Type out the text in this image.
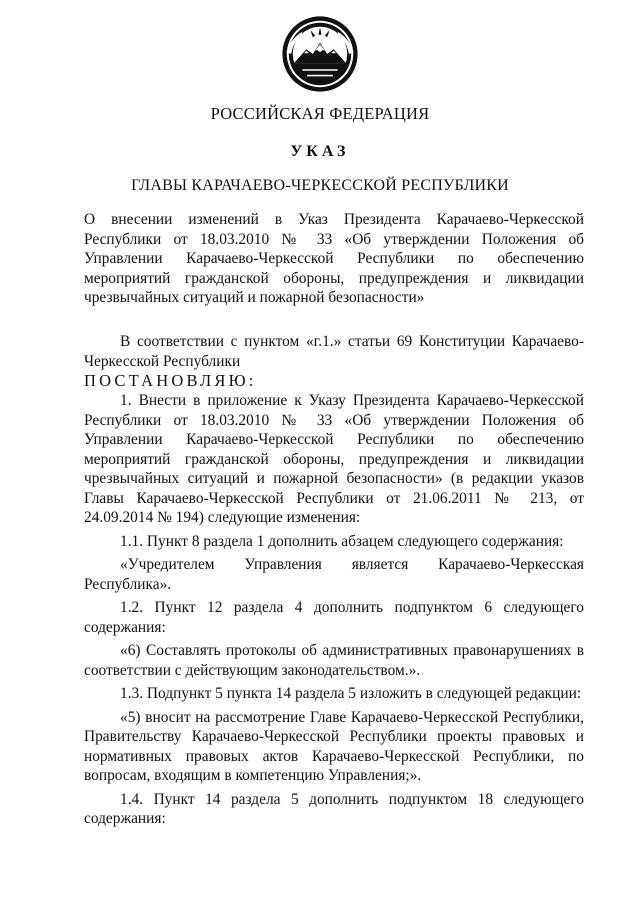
РОССИЙСКАЯ ФЕДЕРАЦИЯ
УКАЗ
ГЛАВЫ КАРАЧАЕВО-ЧЕРКЕССКОЙ РЕСПУБЛИКИ
О внесении изменений в Указ Президента Карачаево-Черкесской Республики от 18.03.2010 № 33 «Об утверждении Положения об Управлении Карачаево-Черкесской Республики по обеспечению мероприятий гражданской обороны, предупреждения и ликвидации чрезвычайных ситуаций и пожарной безопасности»

В соответствии с пунктом «г.1.» статьи 69 Конституции Карачаево-Черкесской Республики

ПОСТАНОВЛЯЮ:

1. Внести в приложение к Указу Президента Карачаево-Черкесской Республики от 18.03.2010 № 33 «Об утверждении Положения об Управлении Карачаево-Черкесской Республики по обеспечению мероприятий гражданской обороны, предупреждения и ликвидации чрезвычайных ситуаций и пожарной безопасности» (в редакции указов Главы Карачаево-Черкесской Республики от 21.06.2011 № 213, от 24.09.2014 № 194) следующие изменения:

1.1. Пункт 8 раздела 1 дополнить абзацем следующего содержания:

«Учредителем Управления является Карачаево-Черкесская Республика».

1.2. Пункт 12 раздела 4 дополнить подпунктом 6 следующего содержания:

«6) Составлять протоколы об административных правонарушениях в соответствии с действующим законодательством.».

1.3. Подпункт 5 пункта 14 раздела 5 изложить в следующей редакции:

«5) вносит на рассмотрение Главе Карачаево-Черкесской Республики, Правительству Карачаево-Черкесской Республики проекты правовых и нормативных правовых актов Карачаево-Черкесской Республики, по вопросам, входящим в компетенцию Управления;».

1.4. Пункт 14 раздела 5 дополнить подпунктом 18 следующего содержания:
